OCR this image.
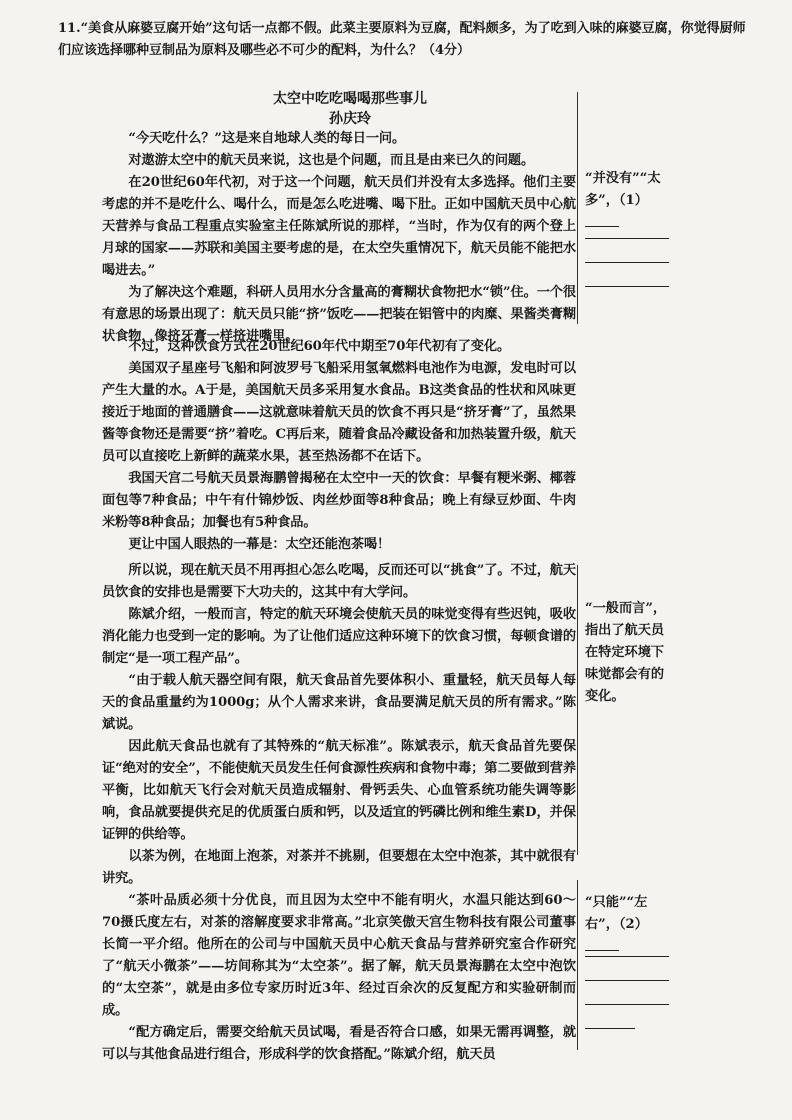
11.“美食从麻婆豆腐开始”这句话一点都不假。此菜主要原料为豆腐，配料颇多，为了吃到入味的麻婆豆腐，你觉得厨师们应该选择哪种豆制品为原料及哪些必不可少的配料，为什么？（4分）

太空中吃吃喝喝那些事儿

孙庆玲

“今天吃什么？”这是来自地球人类的每日一问。

对遨游太空中的航天员来说，这也是个问题，而且是由来已久的问题。

在20世纪60年代初，对于这一个问题，航天员们并没有太多选择。他们主要考虑的并不是吃什么、喝什么，而是怎么吃进嘴、喝下肚。正如中国航天员中心航天营养与食品工程重点实验室主任陈斌所说的那样，“当时，作为仅有的两个登上月球的国家——苏联和美国主要考虑的是，在太空失重情况下，航天员能不能把水喝进去。”

为了解决这个难题，科研人员用水分含量高的膏糊状食物把水“锁”住。一个很有意思的场景出现了：航天员只能“挤”饭吃——把装在铝管中的肉糜、果酱类膏糊状食物，像挤牙膏一样挤进嘴里。

“并没有”“太多”，（1）

不过，这种饮食方式在20世纪60年代中期至70年代初有了变化。

美国双子星座号飞船和阿波罗号飞船采用氢氧燃料电池作为电源，发电时可以产生大量的水。A于是，美国航天员多采用复水食品。B这类食品的性状和风味更接近于地面的普通膳食——这就意味着航天员的饮食不再只是“挤牙膏”了，虽然果酱等食物还是需要“挤”着吃。C再后来，随着食品冷藏设备和加热装置升级，航天员可以直接吃上新鲜的蔬菜水果，甚至热汤都不在话下。

我国天宫二号航天员景海鹏曾揭秘在太空中一天的饮食：早餐有粳米粥、椰蓉面包等7种食品；中午有什锦炒饭、肉丝炒面等8种食品；晚上有绿豆炒面、牛肉米粉等8种食品；加餐也有5种食品。

更让中国人眼热的一幕是：太空还能泡茶喝！

所以说，现在航天员不用再担心怎么吃喝，反而还可以“挑食”了。不过，航天员饮食的安排也是需要下大功夫的，这其中有大学问。

陈斌介绍，一般而言，特定的航天环境会使航天员的味觉变得有些迟钝，吸收消化能力也受到一定的影响。为了让他们适应这种环境下的饮食习惯，每顿食谱的制定“是一项工程产品”。

“由于载人航天器空间有限，航天食品首先要体积小、重量轻，航天员每人每天的食品重量约为1000g；从个人需求来讲，食品要满足航天员的所有需求。”陈斌说。

因此航天食品也就有了其特殊的“航天标准”。陈斌表示，航天食品首先要保证“绝对的安全”，不能使航天员发生任何食源性疾病和食物中毒；第二要做到营养平衡，比如航天飞行会对航天员造成辐射、骨钙丢失、心血管系统功能失调等影响，食品就要提供充足的优质蛋白质和钙，以及适宜的钙磷比例和维生素D，并保证钾的供给等。

“一般而言”，指出了航天员在特定环境下味觉都会有的变化。

以茶为例，在地面上泡茶，对茶并不挑剔，但要想在太空中泡茶，其中就很有讲究。

“茶叶品质必须十分优良，而且因为太空中不能有明火，水温只能达到60～70摄氏度左右，对茶的溶解度要求非常高。”北京笑傲天宫生物科技有限公司董事长简一平介绍。他所在的公司与中国航天员中心航天食品与营养研究室合作研究了“航天小微茶”——坊间称其为“太空茶”。据了解，航天员景海鹏在太空中泡饮的“太空茶”，就是由多位专家历时近3年、经过百余次的反复配方和实验研制而成。

“配方确定后，需要交给航天员试喝，看是否符合口感，如果无需再调整，就可以与其他食品进行组合，形成科学的饮食搭配。”陈斌介绍，航天员

“只能”“左右”，（2）
